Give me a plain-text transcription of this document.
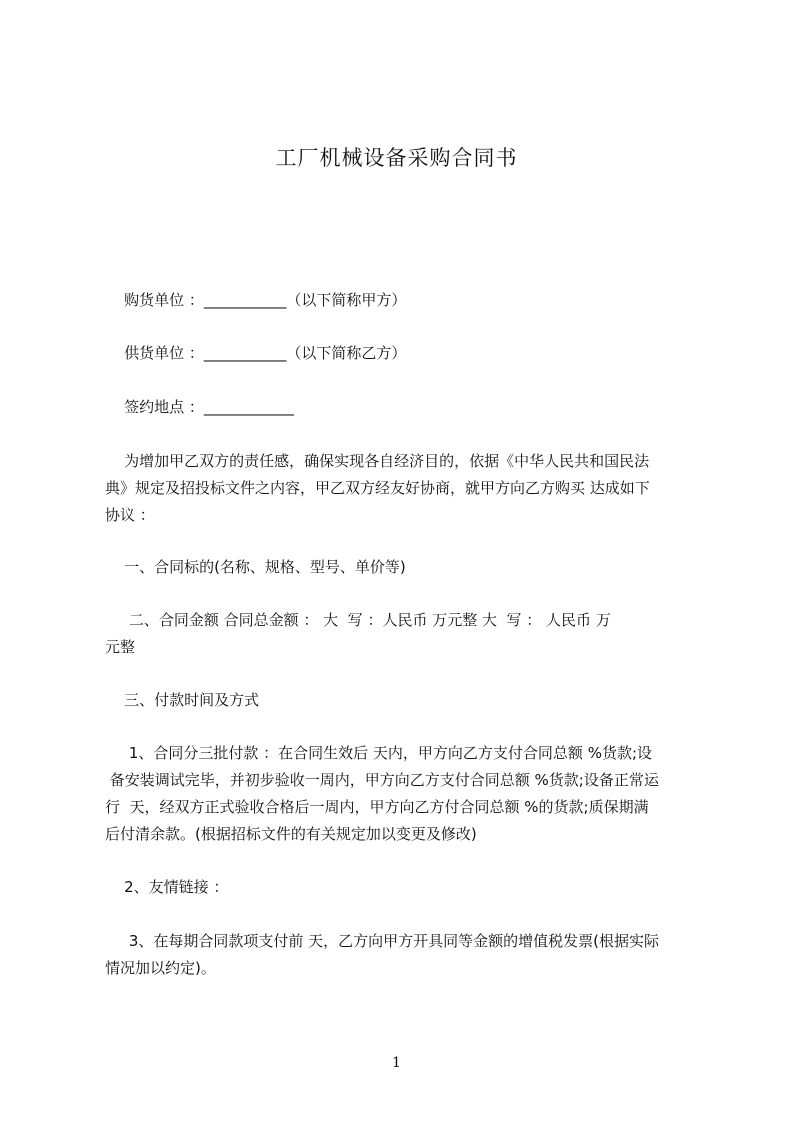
工厂机械设备采购合同书
购货单位 ：___________（以下简称甲方）
供货单位 ：___________（以下简称乙方）
签约地点 ：____________
为增加甲乙双方的责任感，确保实现各自经济目的，依据《中华人民共和国民法
典》规定及招投标文件之内容，甲乙双方经友好协商，就甲方向乙方购买 达成如下
协议 ：
一、合同标的(名称、规格、型号、单价等)
二、合同金额 合同总金额 ： 大  写 ：人民币 万元整 大  写 ： 人民币 万
元整
三、付款时间及方式
1、合同分三批付款 ：在合同生效后 天内，甲方向乙方支付合同总额 %货款;设
备安装调试完毕，并初步验收一周内，甲方向乙方支付合同总额 %货款;设备正常运
行  天，经双方正式验收合格后一周内，甲方向乙方付合同总额 %的货款;质保期满
后付清余款。(根据招标文件的有关规定加以变更及修改)
2、友情链接 ：
3、在每期合同款项支付前 天，乙方向甲方开具同等金额的增值税发票(根据实际
情况加以约定)。
1
